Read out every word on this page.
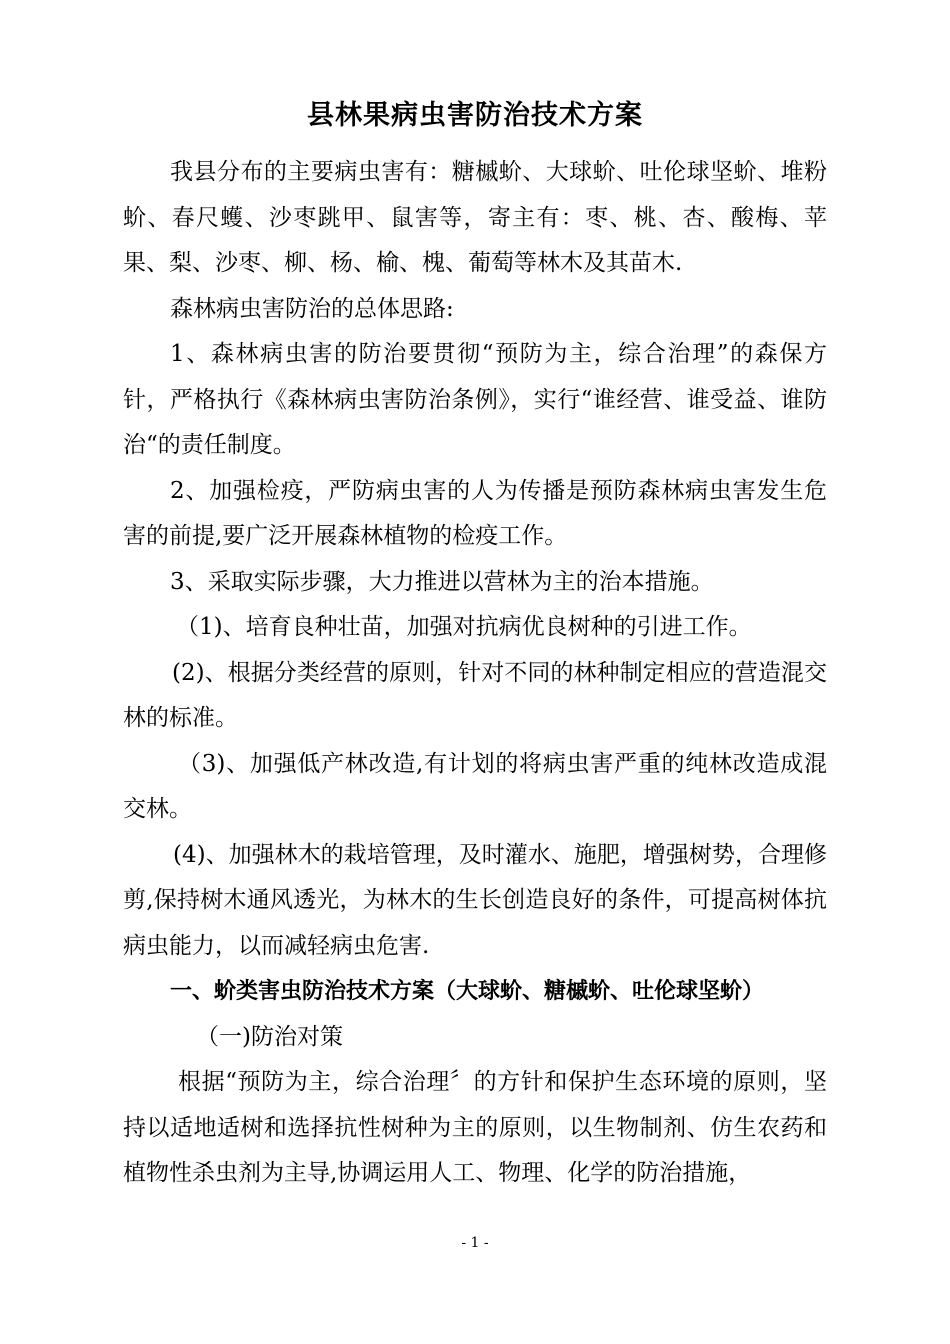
县林果病虫害防治技术方案

我县分布的主要病虫害有：糖槭蚧、大球蚧、吐伦球坚蚧、堆粉蚧、春尺蠖、沙枣跳甲、鼠害等，寄主有：枣、桃、杏、酸梅、苹果、梨、沙枣、柳、杨、榆、槐、葡萄等林木及其苗木.

森林病虫害防治的总体思路:

1、森林病虫害的防治要贯彻“预防为主，综合治理”的森保方针，严格执行《森林病虫害防治条例》，实行“谁经营、谁受益、谁防治“的责任制度。

2、加强检疫，严防病虫害的人为传播是预防森林病虫害发生危害的前提,要广泛开展森林植物的检疫工作。

3、采取实际步骤，大力推进以营林为主的治本措施。

（1)、培育良种壮苗，加强对抗病优良树种的引进工作。

(2)、根据分类经营的原则，针对不同的林种制定相应的营造混交林的标准。

（3)、加强低产林改造,有计划的将病虫害严重的纯林改造成混交林。

(4)、加强林木的栽培管理，及时灌水、施肥，增强树势，合理修剪,保持树木通风透光，为林木的生长创造良好的条件，可提高树体抗病虫能力，以而减轻病虫危害.

一、蚧类害虫防治技术方案（大球蚧、糖槭蚧、吐伦球坚蚧）

（一)防治对策

根据“预防为主，综合治理〞的方针和保护生态环境的原则，坚持以适地适树和选择抗性树种为主的原则，以生物制剂、仿生农药和植物性杀虫剂为主导,协调运用人工、物理、化学的防治措施，

- 1 -
